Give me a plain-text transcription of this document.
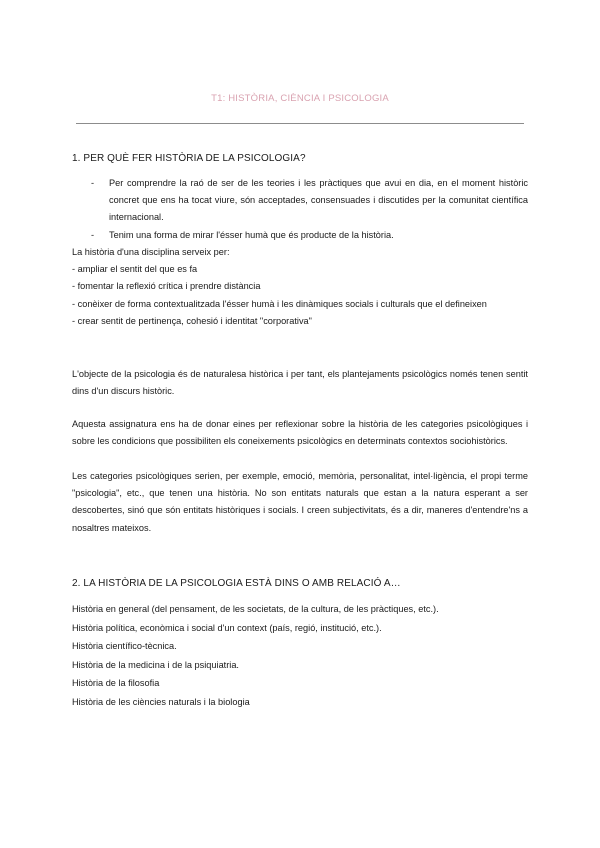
T1: HISTÒRIA, CIÈNCIA I PSICOLOGIA
1. PER QUÈ FER HISTÒRIA DE LA PSICOLOGIA?
- Per comprendre la raó de ser de les teories i les pràctiques que avui en dia, en el moment històric concret que ens ha tocat viure, són acceptades, consensuades i discutides per la comunitat científica internacional.
- Tenim una forma de mirar l'ésser humà que és producte de la història.
La història d'una disciplina serveix per:
- ampliar el sentit del que es fa
- fomentar la reflexió crítica i prendre distància
- conèixer de forma contextualitzada l'ésser humà i les dinàmiques socials i culturals que el defineixen
- crear sentit de pertinença, cohesió i identitat "corporativa"
L'objecte de la psicologia és de naturalesa històrica i per tant, els plantejaments psicològics només tenen sentit dins d'un discurs històric.
Aquesta assignatura ens ha de donar eines per reflexionar sobre la història de les categories psicològiques i sobre les condicions que possibiliten els coneixements psicològics en determinats contextos sociohistòrics.
Les categories psicològiques serien, per exemple, emoció, memòria, personalitat, intel·ligència, el propi terme "psicologia", etc., que tenen una història. No son entitats naturals que estan a la natura esperant a ser descobertes, sinó que són entitats històriques i socials. I creen subjectivitats, és a dir, maneres d'entendre'ns a nosaltres mateixos.
2. LA HISTÒRIA DE LA PSICOLOGIA ESTÀ DINS O AMB RELACIÓ A…
Història en general (del pensament, de les societats, de la cultura, de les pràctiques, etc.).
Història política, econòmica i social d'un context (país, regió, institució, etc.).
Història científico-tècnica.
Història de la medicina i de la psiquiatria.
Història de la filosofia
Història de les ciències naturals i la biologia
